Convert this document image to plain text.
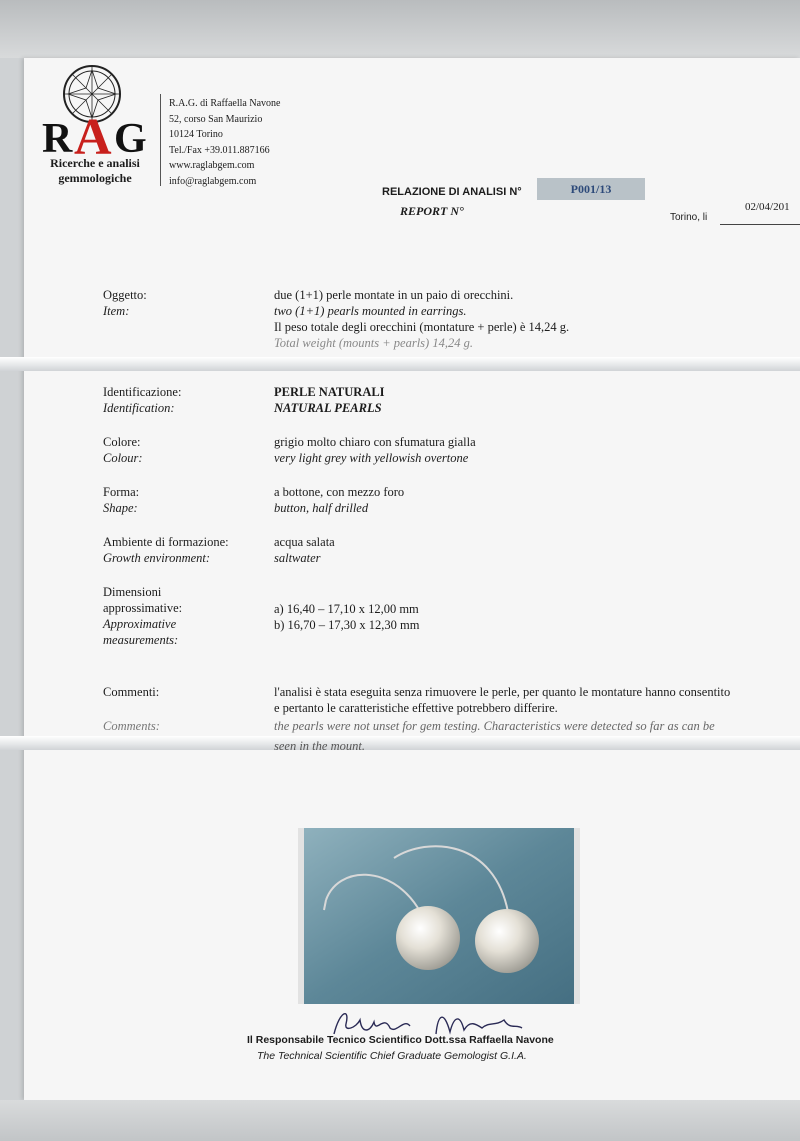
R A G
Ricerche e analisi
gemmologiche
R.A.G. di Raffaella Navone
52, corso San Maurizio
10124 Torino
Tel./Fax +39.011.887166
www.raglabgem.com
info@raglabgem.com
RELAZIONE DI ANALISI N°
REPORT N°
P001/13
Torino, li
02/04/201
Oggetto:
Item:
due (1+1) perle montate in un paio di orecchini.
two (1+1) pearls mounted in earrings.
Il peso totale degli orecchini (montature + perle) è 14,24 g.
Total weight (mounts + pearls) 14,24 g.
Identificazione:
Identification:
PERLE NATURALI
NATURAL PEARLS
Colore:
Colour:
grigio molto chiaro con sfumatura gialla
very light grey with yellowish overtone
Forma:
Shape:
a bottone, con mezzo foro
button, half drilled
Ambiente di formazione:
Growth environment:
acqua salata
saltwater
Dimensioni
approssimative:
Approximative
measurements:
a) 16,40 – 17,10 x 12,00 mm
b) 16,70 – 17,30 x 12,30 mm
Commenti:	l'analisi è stata eseguita senza rimuovere le perle, per quanto le montature hanno consentito
e pertanto le caratteristiche effettive potrebbero differire.
Comments:	the pearls were not unset for gem testing. Characteristics were detected so far as can be
seen in the mount.
Il Responsabile Tecnico Scientifico Dott.ssa Raffaella Navone
The Technical Scientific Chief Graduate Gemologist G.I.A.
